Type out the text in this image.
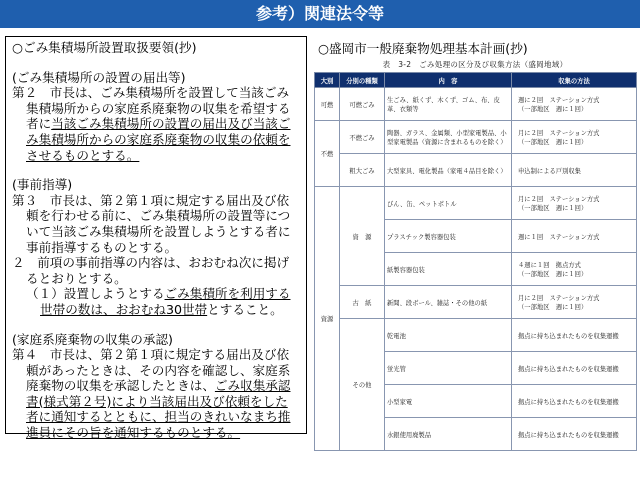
参考）関連法令等

○ごみ集積場所設置取扱要領(抄)

(ごみ集積場所の設置の届出等)

第２　市長は、ごみ集積場所を設置して当該ごみ集積場所からの家庭系廃棄物の収集を希望する者に当該ごみ集積場所の設置の届出及び当該ごみ集積場所からの家庭系廃棄物の収集の依頼をさせるものとする。

(事前指導)

第３　市長は、第２第１項に規定する届出及び依頼を行わせる前に、ごみ集積場所の設置等について当該ごみ集積場所を設置しようとする者に事前指導するものとする。

２　前項の事前指導の内容は、おおむね次に掲げるとおりとする。

（１）設置しようとするごみ集積所を利用する世帯の数は、おおむね30世帯とすること。

(家庭系廃棄物の収集の承認)

第４　市長は、第２第１項に規定する届出及び依頼があったときは、その内容を確認し、家庭系廃棄物の収集を承認したときは、ごみ収集承認書(様式第２号)により当該届出及び依頼をした者に通知するとともに、担当のきれいなまち推進員にその旨を通知するものとする。

○盛岡市一般廃棄物処理基本計画(抄)
表　3-2　ごみ処理の区分及び収集方法（盛岡地域）
大別	分別の種類	内　容	収集の方法
可燃	可燃ごみ	生ごみ、紙くず、木くず、ゴム、布、皮革、衣類等	週に２回　ステーション方式
（一部地区　週に１回）

不燃	不燃ごみ	陶器、ガラス、金属類、小型家電製品、小型家電製品（資源に含まれるものを除く）	月に２回　ステーション方式
（一部地区　週に１回）

	粗大ごみ	大型家具、電化製品（家電４品目を除く）	申込制による戸別収集

資源	資　源	びん、缶、ペットボトル	月に２回　ステーション方式
（一部地区　週に１回）

		プラスチック製容器包装	週に１回　ステーション方式

		紙製容器包装	４週に１回　拠点方式
（一部地区　週に１回）

	古　紙	新聞、段ボール、雑誌・その他の紙	月に２回　ステーション方式
（一部地区　週に１回）

	その他	乾電池	拠点に持ち込まれたものを収集運搬

		蛍光管	拠点に持ち込まれたものを収集運搬

		小型家電	拠点に持ち込まれたものを収集運搬

		水銀使用廃製品	拠点に持ち込まれたものを収集運搬
